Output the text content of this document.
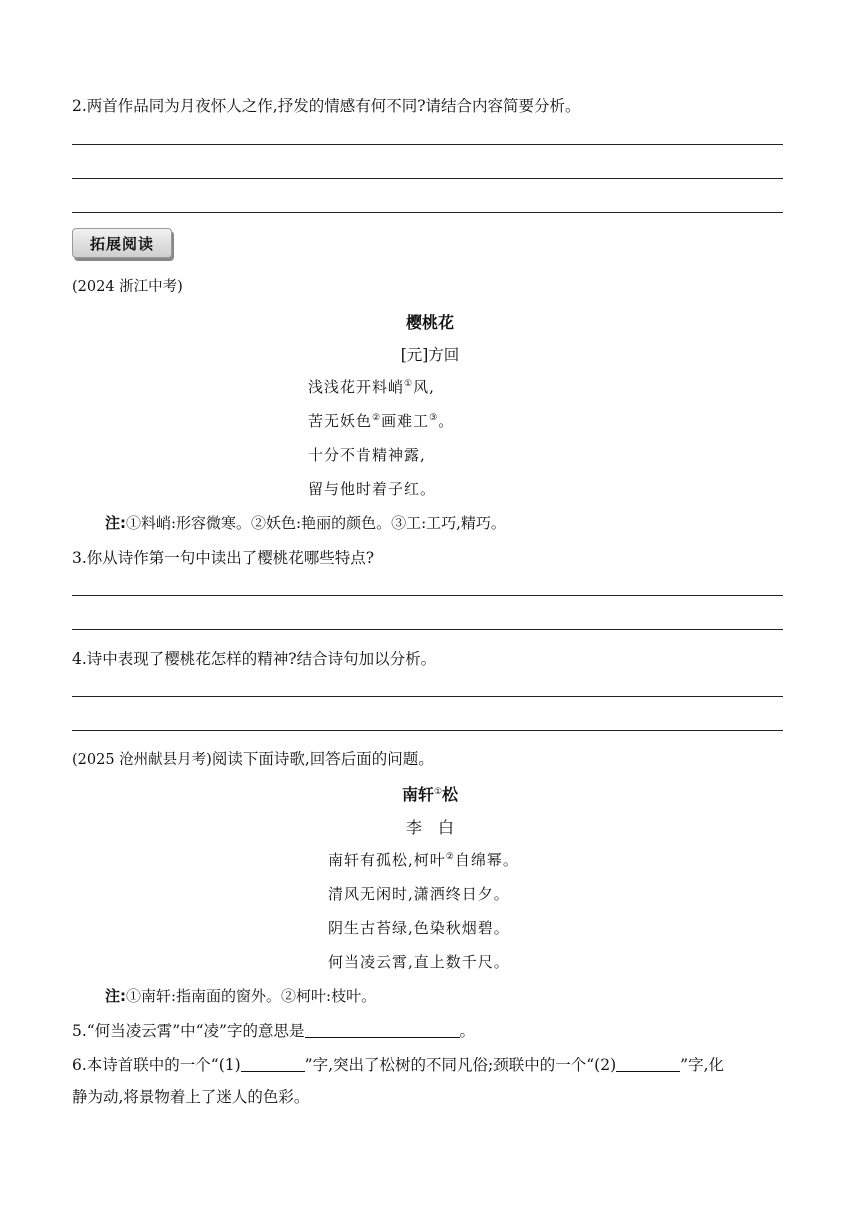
2.两首作品同为月夜怀人之作,抒发的情感有何不同?请结合内容简要分析。
拓展阅读
(2024 浙江中考)
樱桃花
[元]方回
浅浅花开料峭①风,
苦无妖色②画难工③。
十分不肯精神露,
留与他时着子红。
注:①料峭:形容微寒。②妖色:艳丽的颜色。③工:工巧,精巧。
3.你从诗作第一句中读出了樱桃花哪些特点?
4.诗中表现了樱桃花怎样的精神?结合诗句加以分析。
(2025 沧州献县月考)阅读下面诗歌,回答后面的问题。
南轩①松
李　白
南轩有孤松,柯叶②自绵幂。
清风无闲时,潇洒终日夕。
阴生古苔绿,色染秋烟碧。
何当凌云霄,直上数千尺。
注:①南轩:指南面的窗外。②柯叶:枝叶。
5.“何当凌云霄”中“凌”字的意思是	。
6.本诗首联中的一个“(1)	”字,突出了松树的不同凡俗;颈联中的一个“(2)	”字,化
静为动,将景物着上了迷人的色彩。
